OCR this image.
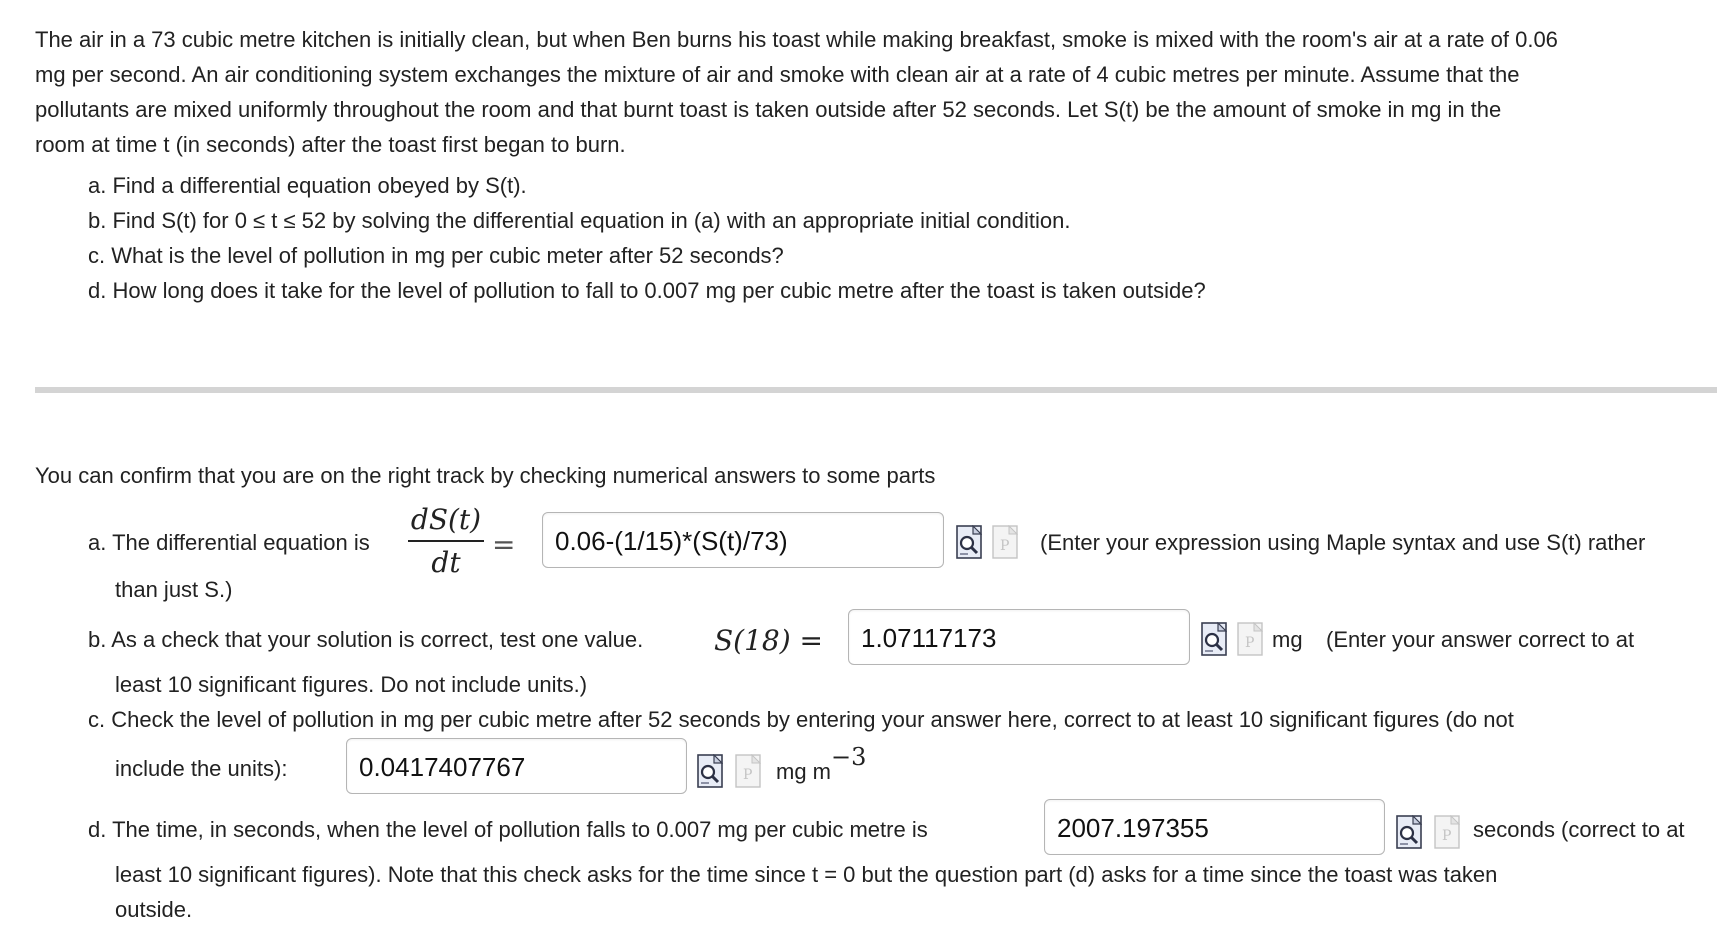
The air in a 73 cubic metre kitchen is initially clean, but when Ben burns his toast while making breakfast, smoke is mixed with the room's air at a rate of 0.06
mg per second. An air conditioning system exchanges the mixture of air and smoke with clean air at a rate of 4 cubic metres per minute. Assume that the
pollutants are mixed uniformly throughout the room and that burnt toast is taken outside after 52 seconds. Let S(t) be the amount of smoke in mg in the
room at time t (in seconds) after the toast first began to burn.
a. Find a differential equation obeyed by S(t).
b. Find S(t) for 0 ≤ t ≤ 52 by solving the differential equation in (a) with an appropriate initial condition.
c. What is the level of pollution in mg per cubic meter after 52 seconds?
d. How long does it take for the level of pollution to fall to 0.007 mg per cubic metre after the toast is taken outside?
You can confirm that you are on the right track by checking numerical answers to some parts
a. The differential equation is
dS(t)
dt
=	0.06-(1/15)*(S(t)/73)	(Enter your expression using Maple syntax and use S(t) rather
than just S.)
b. As a check that your solution is correct, test one value.	S(18) =	1.07117173	mg (Enter your answer correct to at
least 10 significant figures. Do not include units.)
c. Check the level of pollution in mg per cubic metre after 52 seconds by entering your answer here, correct to at least 10 significant figures (do not
include the units):	0.0417407767	mg m−3
d. The time, in seconds, when the level of pollution falls to 0.007 mg per cubic metre is	2007.197355	seconds (correct to at
least 10 significant figures). Note that this check asks for the time since t = 0 but the question part (d) asks for a time since the toast was taken
outside.
